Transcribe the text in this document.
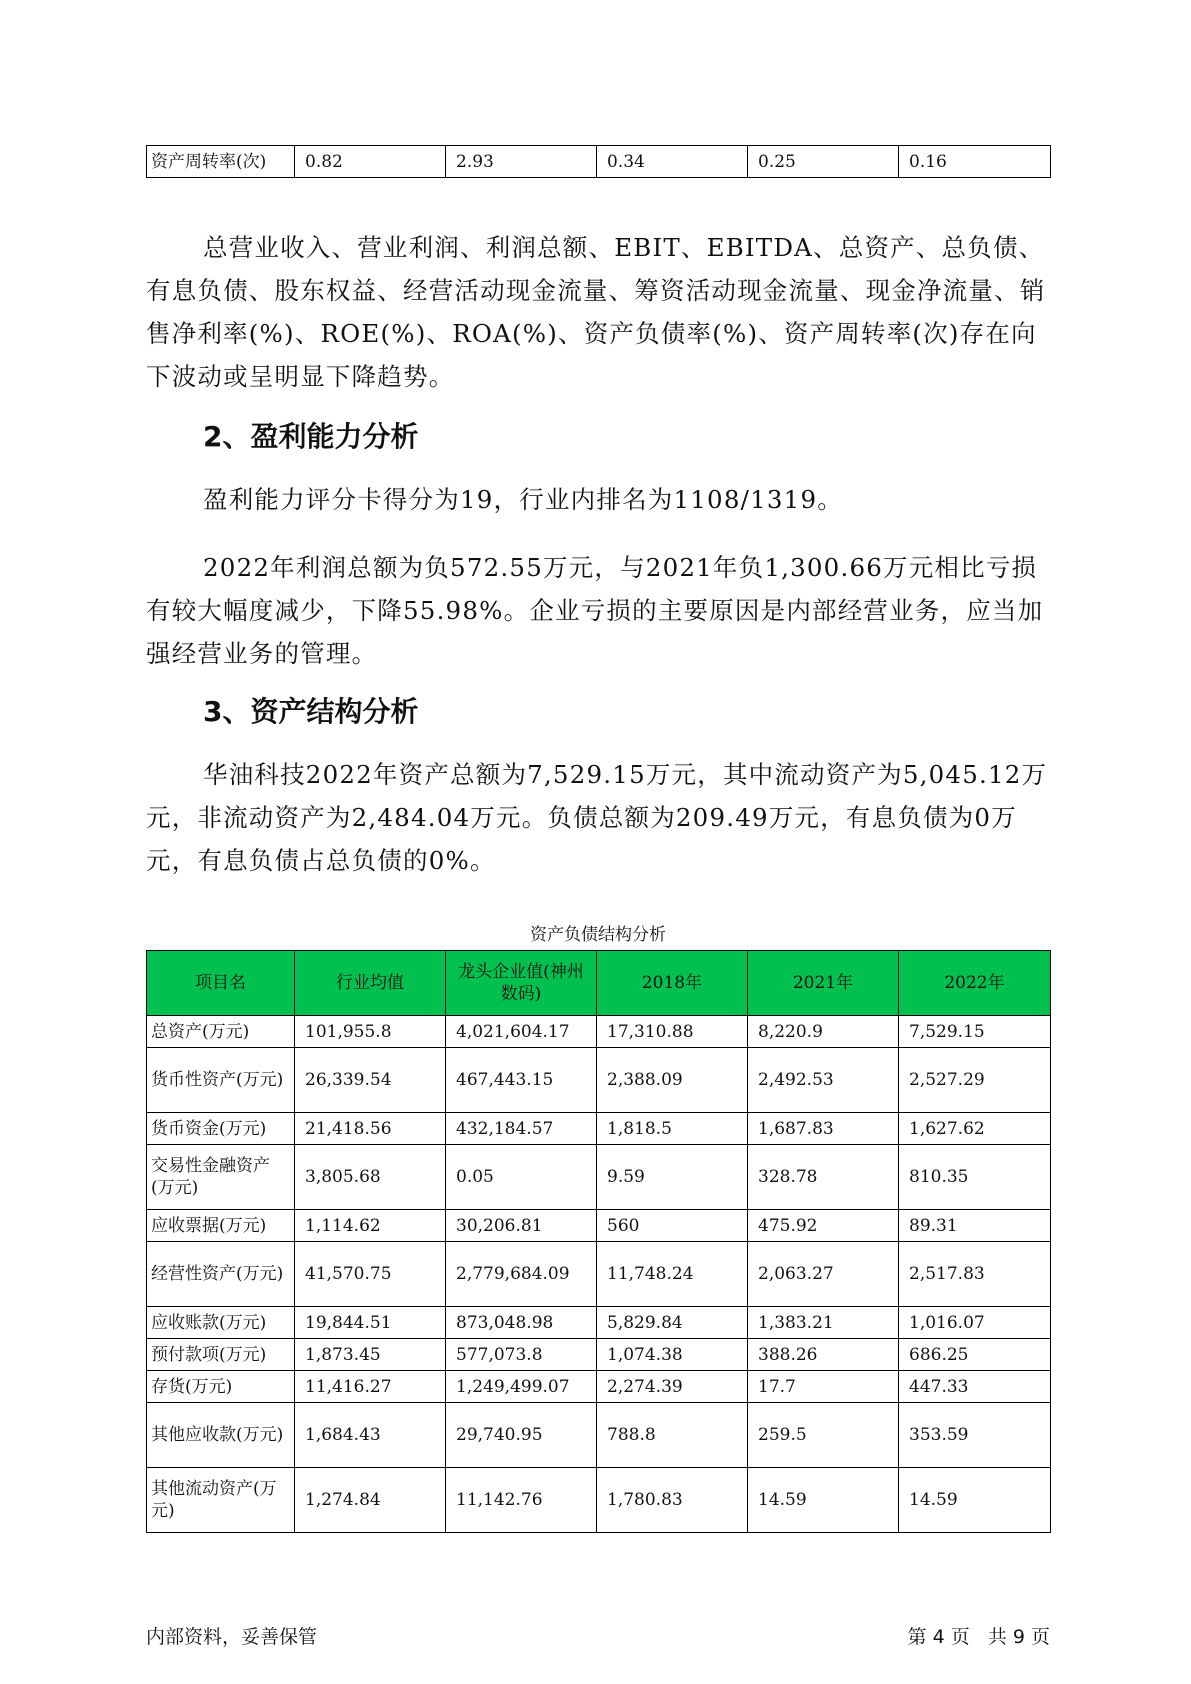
资产周转率(次)	0.82	2.93	0.34	0.25	0.16

总营业收入、营业利润、利润总额、EBIT、EBITDA、总资产、总负债、有息负债、股东权益、经营活动现金流量、筹资活动现金流量、现金净流量、销售净利率(%)、ROE(%)、ROA(%)、资产负债率(%)、资产周转率(次)存在向下波动或呈明显下降趋势。

2、盈利能力分析

盈利能力评分卡得分为19，行业内排名为1108/1319。

2022年利润总额为负572.55万元，与2021年负1,300.66万元相比亏损有较大幅度减少，下降55.98%。企业亏损的主要原因是内部经营业务，应当加强经营业务的管理。

3、资产结构分析

华油科技2022年资产总额为7,529.15万元，其中流动资产为5,045.12万元，非流动资产为2,484.04万元。负债总额为209.49万元，有息负债为0万元，有息负债占总负债的0%。

资产负债结构分析
项目名	行业均值	龙头企业值(神州数码)	2018年	2021年	2022年
总资产(万元)	101,955.8	4,021,604.17	17,310.88	8,220.9	7,529.15
货币性资产(万元)	26,339.54	467,443.15	2,388.09	2,492.53	2,527.29
货币资金(万元)	21,418.56	432,184.57	1,818.5	1,687.83	1,627.62
交易性金融资产(万元)	3,805.68	0.05	9.59	328.78	810.35
应收票据(万元)	1,114.62	30,206.81	560	475.92	89.31
经营性资产(万元)	41,570.75	2,779,684.09	11,748.24	2,063.27	2,517.83
应收账款(万元)	19,844.51	873,048.98	5,829.84	1,383.21	1,016.07
预付款项(万元)	1,873.45	577,073.8	1,074.38	388.26	686.25
存货(万元)	11,416.27	1,249,499.07	2,274.39	17.7	447.33
其他应收款(万元)	1,684.43	29,740.95	788.8	259.5	353.59
其他流动资产(万元)	1,274.84	11,142.76	1,780.83	14.59	14.59
内部资料，妥善保管	第 4 页   共 9 页
